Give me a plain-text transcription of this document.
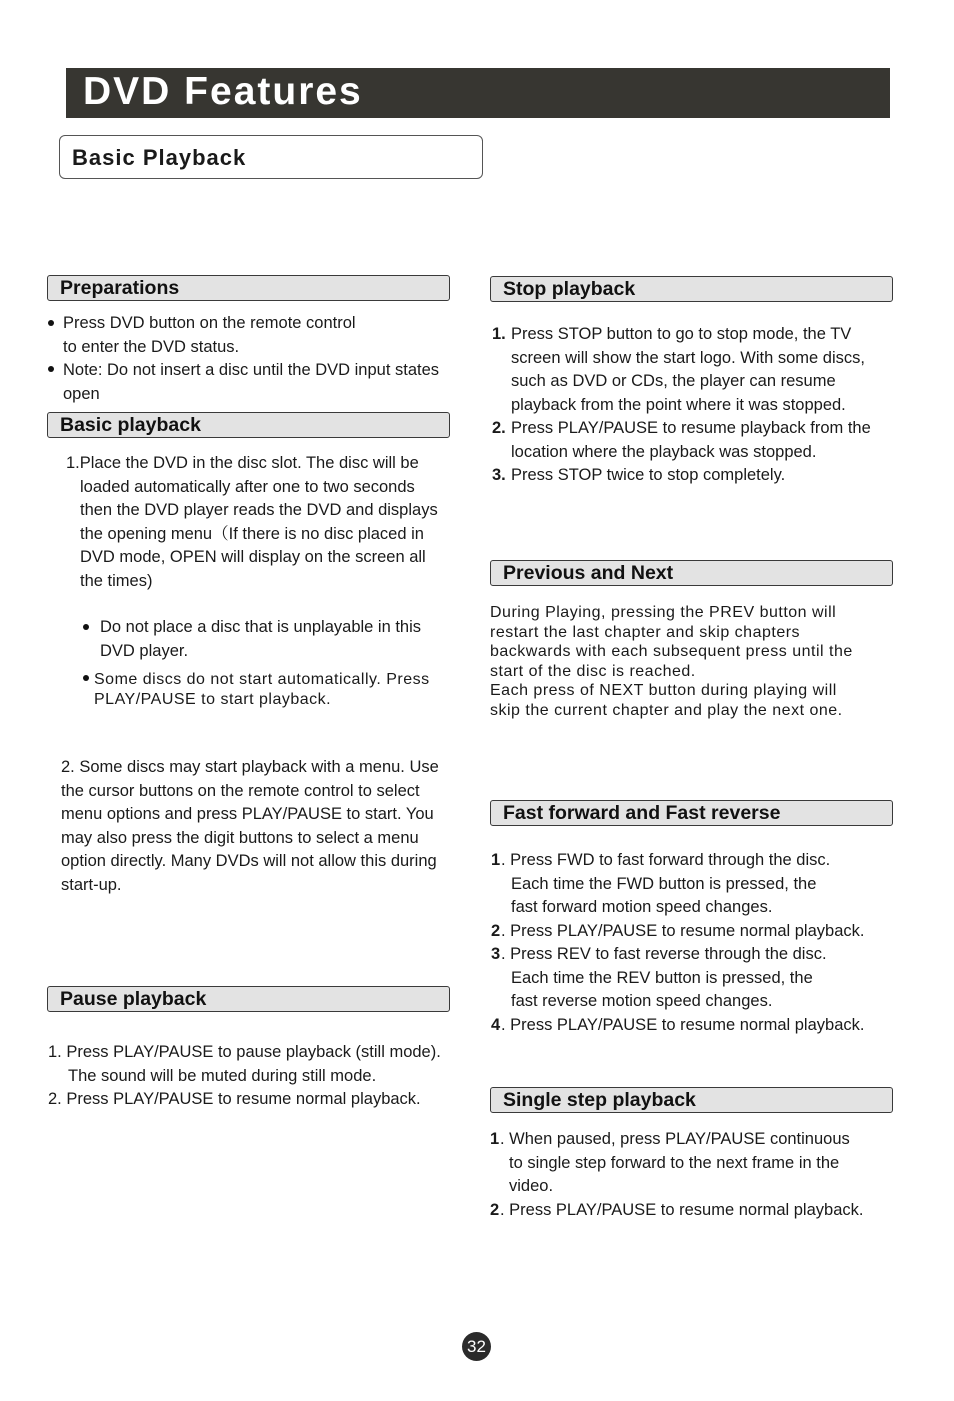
DVD Features
Basic Playback
Preparations
Press DVD button on the remote control
to enter the DVD status.
Note: Do not insert a disc until the DVD input states
open
Basic playback
1.Place the DVD in the disc slot. The disc will be
loaded automatically after one to two seconds
then the DVD player reads the DVD and displays
the opening menu（If there is no disc placed in
DVD mode, OPEN will display on the screen all
the times)
Do not place a disc that is unplayable in this
DVD player.
Some discs do not start automatically. Press
PLAY/PAUSE to start playback.
2. Some discs may start playback with a menu. Use
the cursor buttons on the remote control to select
menu options and press PLAY/PAUSE to start. You
may also press the digit buttons to select a menu
option directly. Many DVDs will not allow this during
start-up.
Pause playback
1. Press PLAY/PAUSE to pause playback (still mode).
The sound will be muted during still mode.
2. Press PLAY/PAUSE to resume normal playback.
Stop playback
1. Press STOP button to go to stop mode, the TV
screen will show the start logo. With some discs,
such as DVD or CDs, the player can resume
playback from the point where it was stopped.
2. Press PLAY/PAUSE to resume playback from the
location where the playback was stopped.
3. Press STOP twice to stop completely.
Previous and Next
During Playing, pressing the PREV button will
restart the last chapter and skip chapters
backwards with each subsequent press until the
start of the disc is reached.
Each press of NEXT button during playing will
skip the current chapter and play the next one.
Fast forward and Fast reverse
1 . Press FWD to fast forward through the disc.
Each time the FWD button is pressed, the
fast forward motion speed changes.
2 . Press PLAY/PAUSE to resume normal playback.
3 . Press REV to fast reverse through the disc.
Each time the REV button is pressed, the
fast reverse motion speed changes.
4 . Press PLAY/PAUSE to resume normal playback.
Single step playback
1 . When paused, press PLAY/PAUSE continuous
to single step forward to the next frame in the
video.
2 . Press PLAY/PAUSE to resume normal playback.
32
